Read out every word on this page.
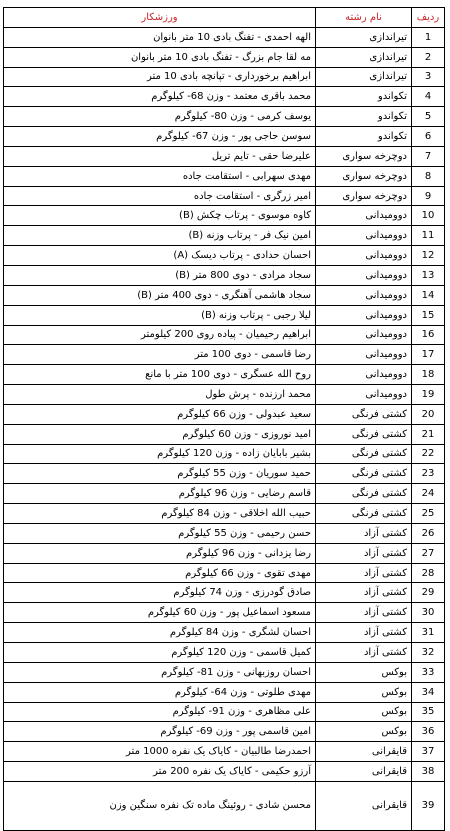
ردیف	نام رشته	ورزشکار
1	تیراندازی	الهه احمدی - تفنگ بادی 10 متر بانوان
2	تیراندازی	مه لقا جام بزرگ - تفنگ بادی 10 متر بانوان
3	تیراندازی	ابراهیم برخورداری - تپانچه بادی 10 متر
4	تکواندو	محمد باقری معتمد - وزن 68- کیلوگرم
5	تکواندو	یوسف کرمی - وزن 80- کیلوگرم
6	تکواندو	سوسن حاجی پور - وزن 67- کیلوگرم
7	دوچرخه سواری	علیرضا حقی - تایم تریل
8	دوچرخه سواری	مهدی سهرابی - استقامت جاده
9	دوچرخه سواری	امیر زرگری - استقامت جاده
10	دوومیدانی	کاوه موسوی - پرتاب چکش (B)
11	دوومیدانی	امین نیک فر - پرتاب وزنه (B)
12	دوومیدانی	احسان حدادی - پرتاب دیسک (A)
13	دوومیدانی	سجاد مرادی - دوی 800 متر (B)
14	دوومیدانی	سجاد هاشمی آهنگری - دوی 400 متر (B)
15	دوومیدانی	لیلا رجبی - پرتاب وزنه (B)
16	دوومیدانی	ابراهیم رحیمیان - پیاده روی 200 کیلومتر
17	دوومیدانی	رضا قاسمی - دوی 100 متر
18	دوومیدانی	روح الله عسگری - دوی 100 متر با مانع
19	دوومیدانی	محمد ارزنده - پرش طول
20	کشتی فرنگی	سعید عبدولی - وزن 66 کیلوگرم
21	کشتی فرنگی	امید نوروزی - وزن 60 کیلوگرم
22	کشتی فرنگی	بشیر بابایان زاده - وزن 120 کیلوگرم
23	کشتی فرنگی	حمید سوریان - وزن 55 کیلوگرم
24	کشتی فرنگی	قاسم رضایی - وزن 96 کیلوگرم
25	کشتی فرنگی	حبیب الله اخلاقی - وزن 84 کیلوگرم
26	کشتی آزاد	حسن رحیمی - وزن 55 کیلوگرم
27	کشتی آزاد	رضا یزدانی - وزن 96 کیلوگرم
28	کشتی آزاد	مهدی تقوی - وزن 66 کیلوگرم
29	کشتی آزاد	صادق گودرزی - وزن 74 کیلوگرم
30	کشتی آزاد	مسعود اسماعیل پور - وزن 60 کیلوگرم
31	کشتی آزاد	احسان لشگری - وزن 84 کیلوگرم
32	کشتی آزاد	کمیل قاسمی - وزن 120 کیلوگرم
33	بوکس	احسان روزبهانی - وزن 81- کیلوگرم
34	بوکس	مهدی طلوتی - وزن 64- کیلوگرم
35	بوکس	علی مظاهری - وزن 91- کیلوگرم
36	بوکس	امین قاسمی پور - وزن 69- کیلوگرم
37	قایقرانی	احمدرضا طالبیان - کایاک یک نفره 1000 متر
38	قایقرانی	آرزو حکیمی - کایاک یک نفره 200 متر
39	قایقرانی	محسن شادی - روئینگ ماده تک نفره سنگین وزن
